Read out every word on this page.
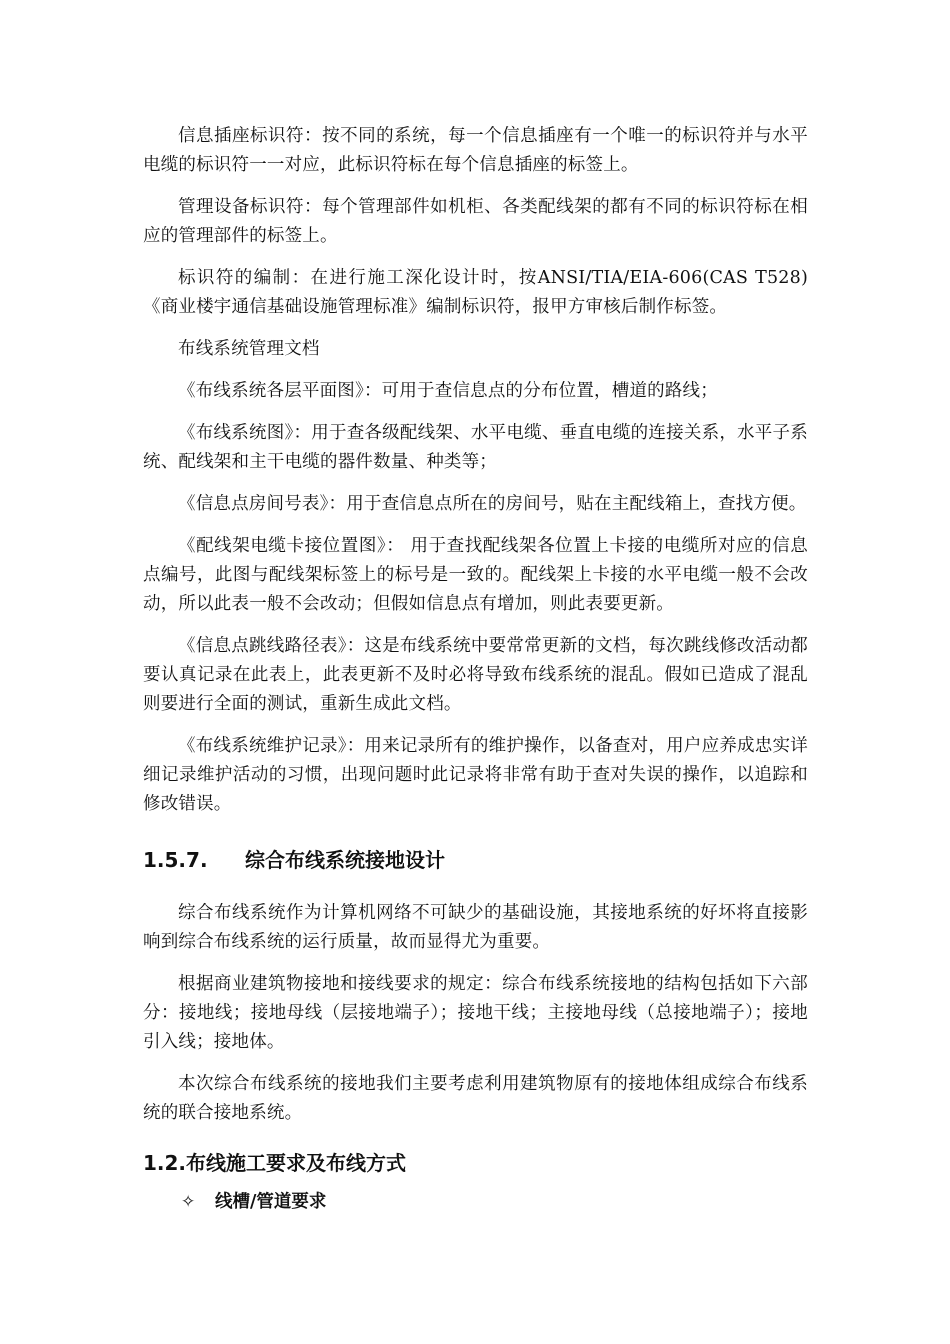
信息插座标识符：按不同的系统，每一个信息插座有一个唯一的标识符并与水平电缆的标识符一一对应，此标识符标在每个信息插座的标签上。

管理设备标识符：每个管理部件如机柜、各类配线架的都有不同的标识符标在相应的管理部件的标签上。

标识符的编制：在进行施工深化设计时，按ANSI/TIA/EIA-606(CAS T528)《商业楼宇通信基础设施管理标准》编制标识符，报甲方审核后制作标签。

布线系统管理文档

《布线系统各层平面图》：可用于查信息点的分布位置，槽道的路线；

《布线系统图》：用于查各级配线架、水平电缆、垂直电缆的连接关系，水平子系统、配线架和主干电缆的器件数量、种类等；

《信息点房间号表》：用于查信息点所在的房间号，贴在主配线箱上，查找方便。

《配线架电缆卡接位置图》： 用于查找配线架各位置上卡接的电缆所对应的信息点编号，此图与配线架标签上的标号是一致的。配线架上卡接的水平电缆一般不会改动，所以此表一般不会改动；但假如信息点有增加，则此表要更新。

《信息点跳线路径表》：这是布线系统中要常常更新的文档，每次跳线修改活动都要认真记录在此表上，此表更新不及时必将导致布线系统的混乱。假如已造成了混乱则要进行全面的测试，重新生成此文档。

《布线系统维护记录》：用来记录所有的维护操作，以备查对，用户应养成忠实详细记录维护活动的习惯，出现问题时此记录将非常有助于查对失误的操作，以追踪和修改错误。

1.5.7.	综合布线系统接地设计

综合布线系统作为计算机网络不可缺少的基础设施，其接地系统的好坏将直接影响到综合布线系统的运行质量，故而显得尤为重要。

根据商业建筑物接地和接线要求的规定：综合布线系统接地的结构包括如下六部分：接地线；接地母线（层接地端子）；接地干线；主接地母线（总接地端子）；接地引入线；接地体。

本次综合布线系统的接地我们主要考虑利用建筑物原有的接地体组成综合布线系统的联合接地系统。

1.2.布线施工要求及布线方式
✧	线槽/管道要求
